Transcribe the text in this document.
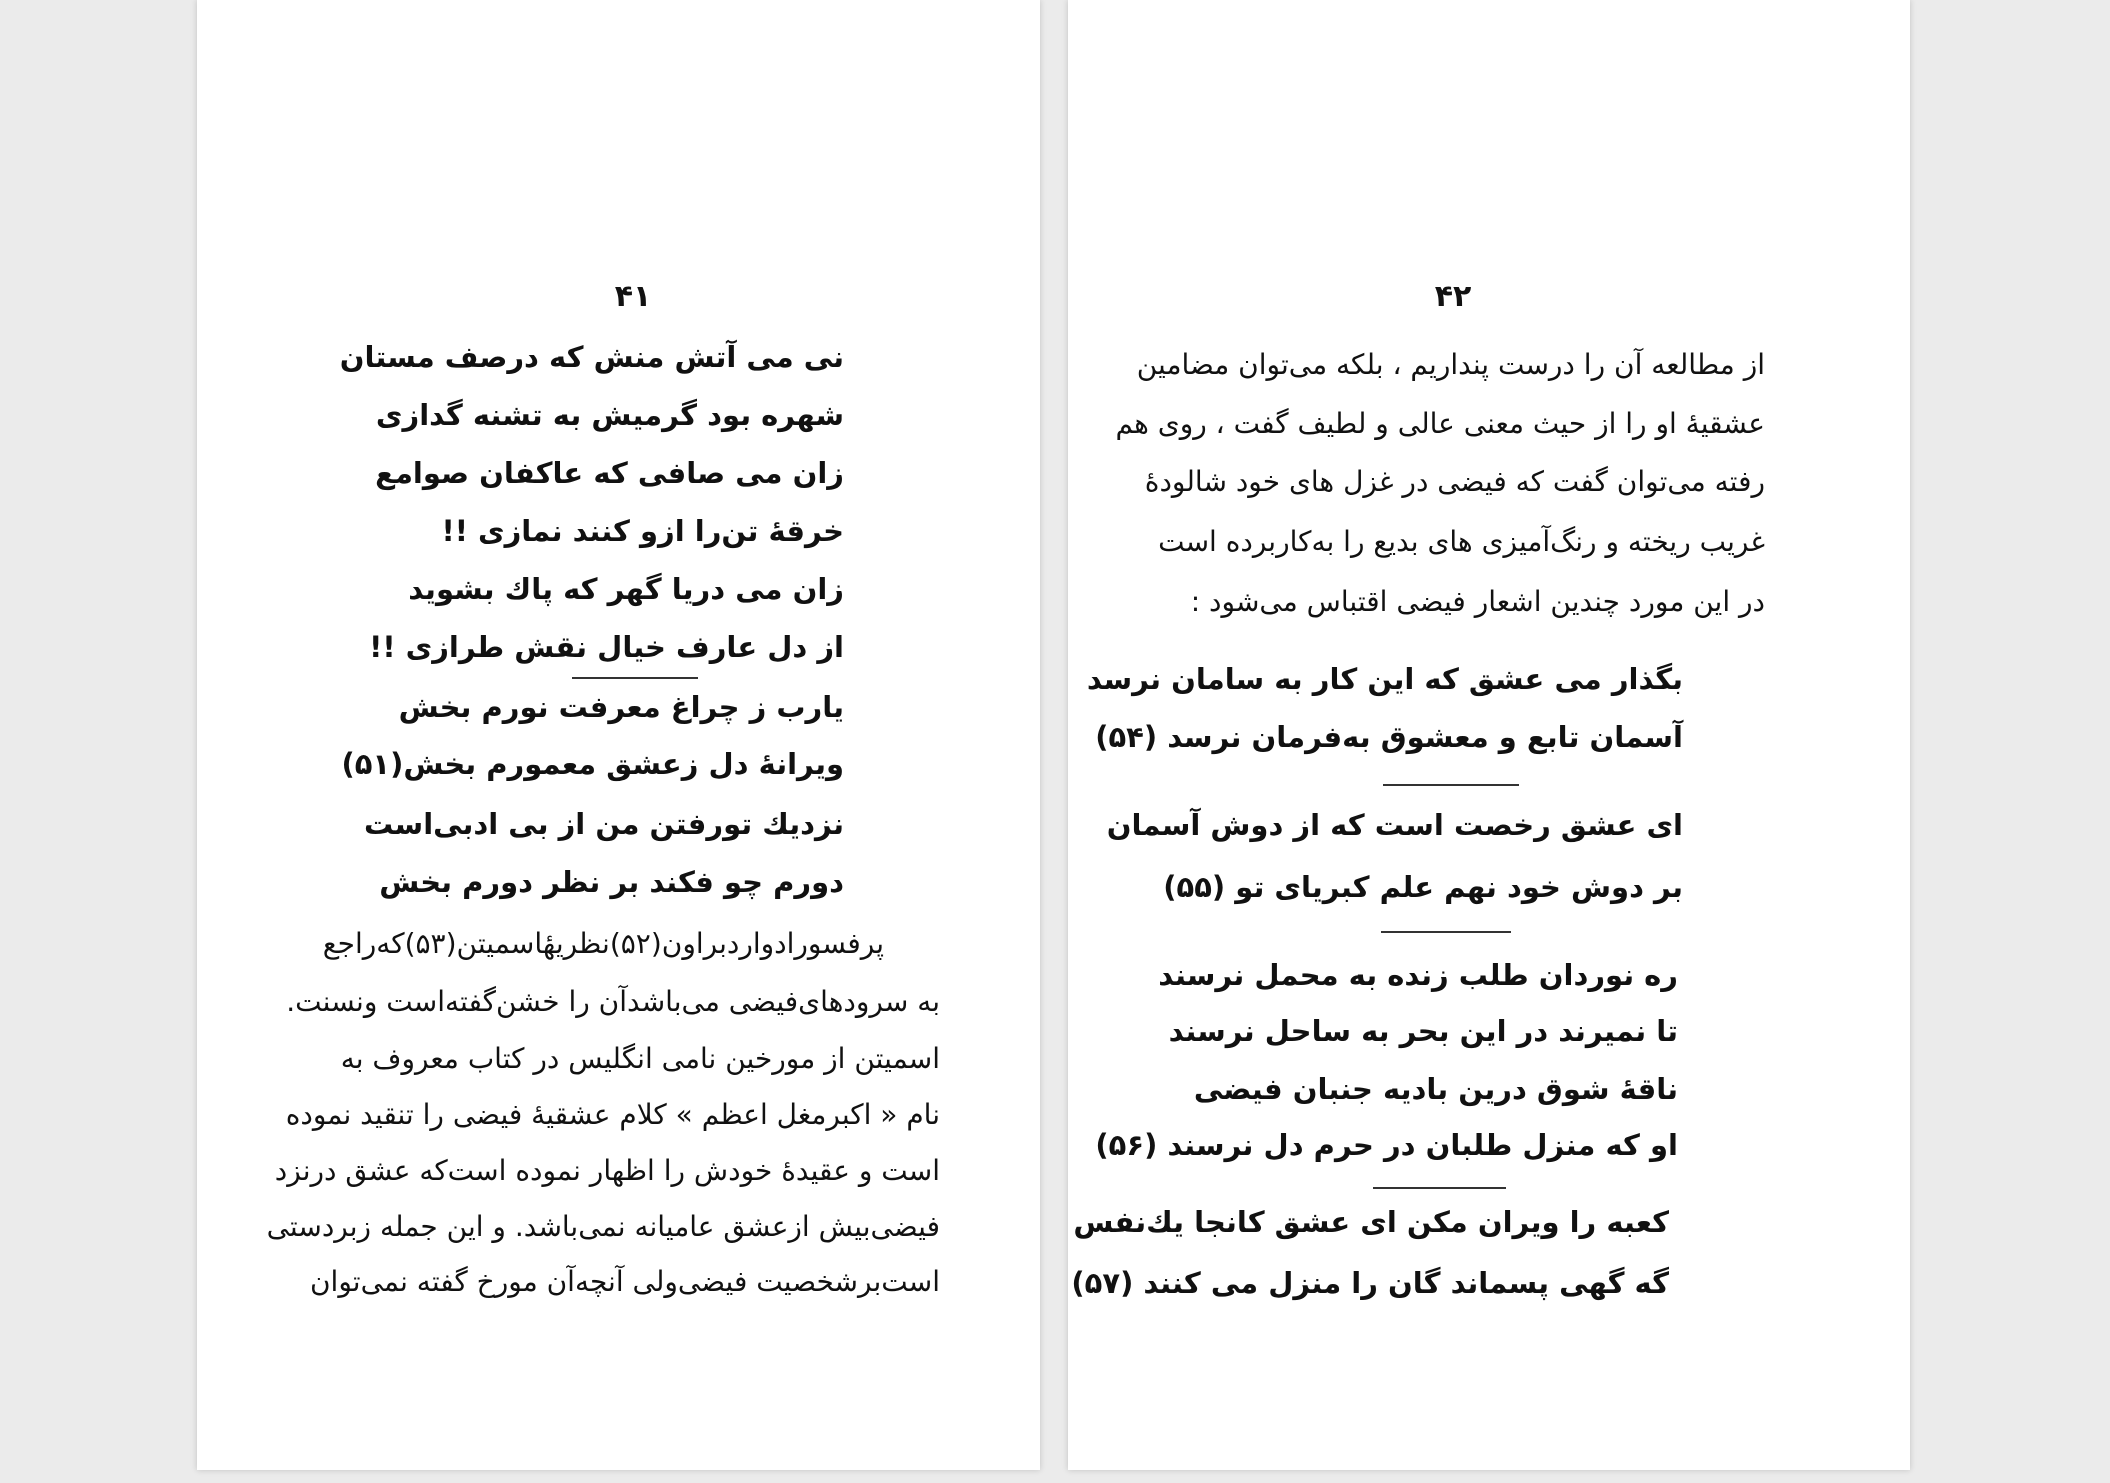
۴۱
نی می آتش منش که درصف مستان
شهره بود گرمیش به تشنه گدازی
زان می صافی که عاکفان صوامع
خرقهٔ تن‌را ازو کنند نمازی !!
زان می دریا گهر که پاك بشوید
از دل عارف خیال نقش طرازی !!
یارب ز چراغ معرفت نورم بخش
ویرانهٔ دل زعشق معمورم بخش(۵۱)
نزدیك تورفتن من از بی ادبی‌است
دورم چو فکند بر نظر دورم بخش
پرفسورادواردبراون(۵۲)نظریهٔاسمیتن(۵۳)که‌راجع
به سرودهای‌فیضی می‌باشدآن را خشن‌گفته‌است ونسنت.
اسمیتن از مورخین نامی انگلیس در کتاب معروف به
نام « اکبرمغل اعظم » کلام عشقیهٔ فیضی را تنقید نموده
است و عقیدهٔ خودش را اظهار نموده است‌که عشق درنزد
فیضی‌بیش ازعشق عامیانه نمی‌باشد. و این جمله زبردستی
است‌برشخصیت فیضی‌ولی آنچه‌آن مورخ گفته نمی‌توان
۴۲
از مطالعه آن را درست پنداریم ، بلکه می‌توان مضامین
عشقیهٔ او را از حیث معنی عالی و لطیف گفت ، روی هم
رفته می‌توان گفت که فیضی در غزل های خود شالودهٔ
غریب ریخته و رنگ‌آمیزی های بدیع را به‌کاربرده است
در این مورد چندین اشعار فیضی اقتباس می‌شود :
بگذار می عشق که این کار به سامان نرسد
آسمان تابع و معشوق به‌فرمان نرسد (۵۴)
ای عشق رخصت است که از دوش آسمان
بر دوش خود نهم علم کبریای تو (۵۵)
ره نوردان طلب زنده به محمل نرسند
تا نمیرند در این بحر به ساحل نرسند
ناقهٔ شوق درین بادیه جنبان فیضی
او که منزل طلبان در حرم دل نرسند (۵۶)
کعبه را ویران مکن ای عشق کانجا یك‌نفس
گه گهی پسماند گان را منزل می کنند (۵۷)
